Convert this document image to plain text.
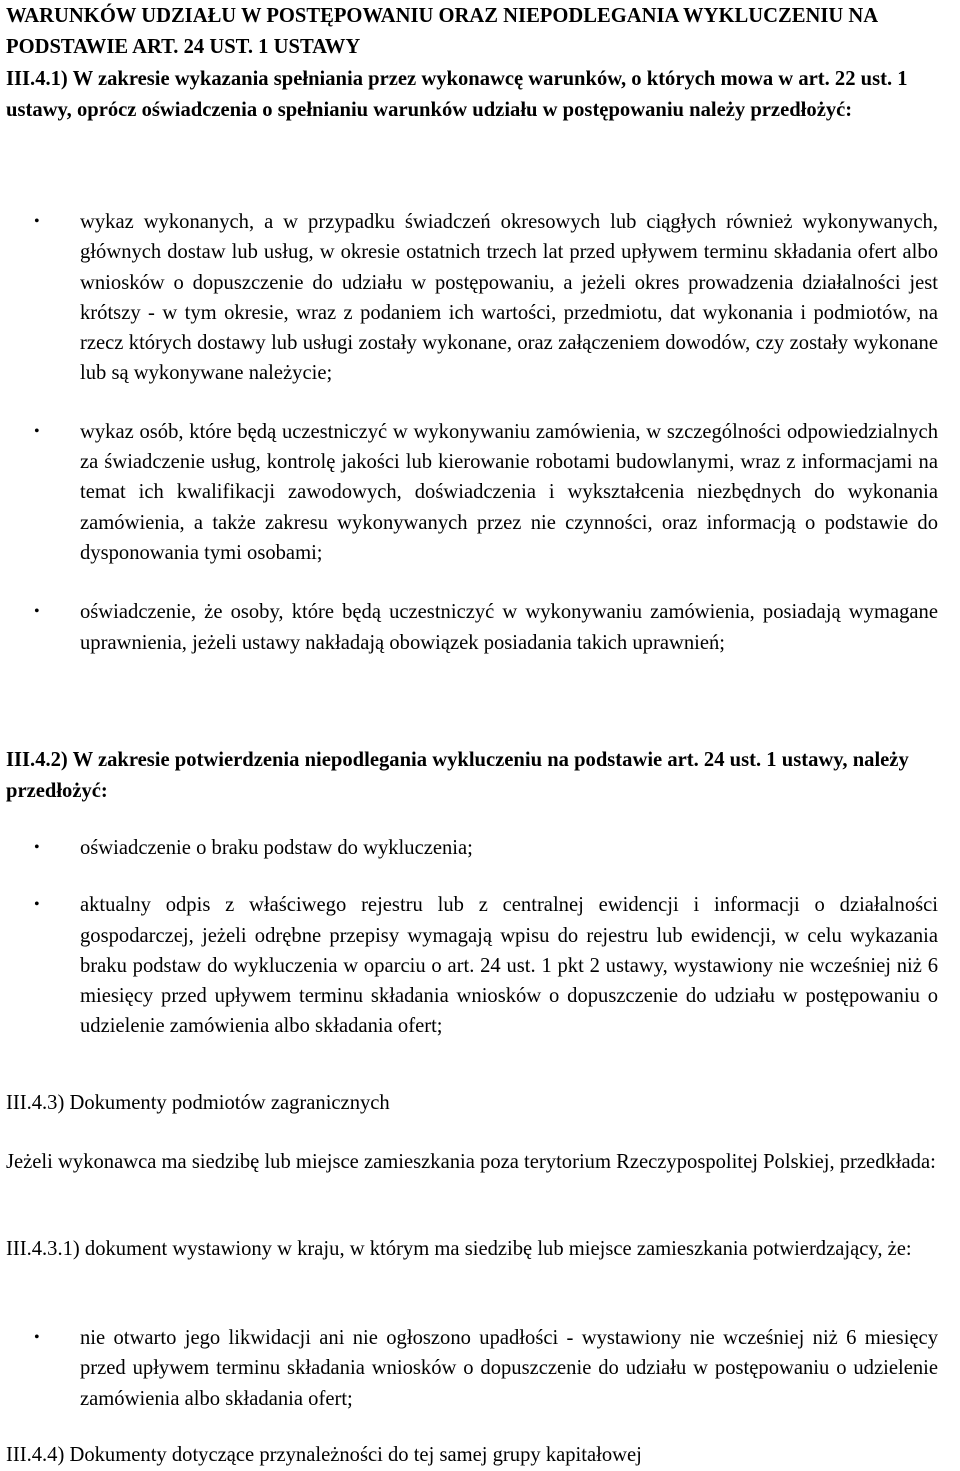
WARUNKÓW UDZIAŁU W POSTĘPOWANIU ORAZ NIEPODLEGANIA WYKLUCZENIU NA PODSTAWIE ART. 24 UST. 1 USTAWY

III.4.1) W zakresie wykazania spełniania przez wykonawcę warunków, o których mowa w art. 22 ust. 1 ustawy, oprócz oświadczenia o spełnianiu warunków udziału w postępowaniu należy przedłożyć:

• wykaz wykonanych, a w przypadku świadczeń okresowych lub ciągłych również wykonywanych, głównych dostaw lub usług, w okresie ostatnich trzech lat przed upływem terminu składania ofert albo wniosków o dopuszczenie do udziału w postępowaniu, a jeżeli okres prowadzenia działalności jest krótszy - w tym okresie, wraz z podaniem ich wartości, przedmiotu, dat wykonania i podmiotów, na rzecz których dostawy lub usługi zostały wykonane, oraz załączeniem dowodów, czy zostały wykonane lub są wykonywane należycie;
• wykaz osób, które będą uczestniczyć w wykonywaniu zamówienia, w szczególności odpowiedzialnych za świadczenie usług, kontrolę jakości lub kierowanie robotami budowlanymi, wraz z informacjami na temat ich kwalifikacji zawodowych, doświadczenia i wykształcenia niezbędnych do wykonania zamówienia, a także zakresu wykonywanych przez nie czynności, oraz informacją o podstawie do dysponowania tymi osobami;
• oświadczenie, że osoby, które będą uczestniczyć w wykonywaniu zamówienia, posiadają wymagane uprawnienia, jeżeli ustawy nakładają obowiązek posiadania takich uprawnień;

III.4.2) W zakresie potwierdzenia niepodlegania wykluczeniu na podstawie art. 24 ust. 1 ustawy, należy przedłożyć:

• oświadczenie o braku podstaw do wykluczenia;
• aktualny odpis z właściwego rejestru lub z centralnej ewidencji i informacji o działalności gospodarczej, jeżeli odrębne przepisy wymagają wpisu do rejestru lub ewidencji, w celu wykazania braku podstaw do wykluczenia w oparciu o art. 24 ust. 1 pkt 2 ustawy, wystawiony nie wcześniej niż 6 miesięcy przed upływem terminu składania wniosków o dopuszczenie do udziału w postępowaniu o udzielenie zamówienia albo składania ofert;

III.4.3) Dokumenty podmiotów zagranicznych

Jeżeli wykonawca ma siedzibę lub miejsce zamieszkania poza terytorium Rzeczypospolitej Polskiej, przedkłada:

III.4.3.1) dokument wystawiony w kraju, w którym ma siedzibę lub miejsce zamieszkania potwierdzający, że:

• nie otwarto jego likwidacji ani nie ogłoszono upadłości - wystawiony nie wcześniej niż 6 miesięcy przed upływem terminu składania wniosków o dopuszczenie do udziału w postępowaniu o udzielenie zamówienia albo składania ofert;

III.4.4) Dokumenty dotyczące przynależności do tej samej grupy kapitałowej
